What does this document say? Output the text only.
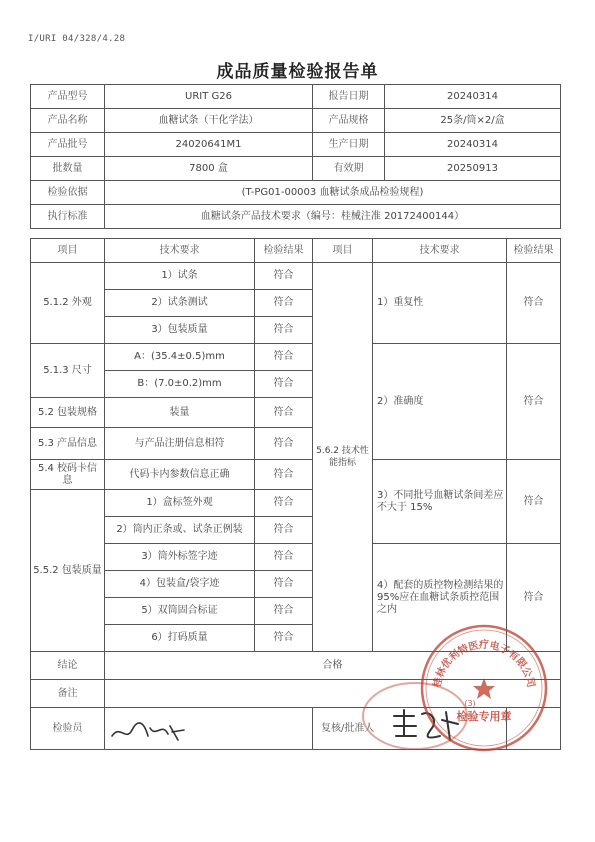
I/URI 04/328/4.28
成品质量检验报告单
产品型号	URIT G26	报告日期	20240314
产品名称	血糖试条（干化学法）	产品规格	25条/筒×2/盒
产品批号	24020641M1	生产日期	20240314
批数量	7800 盒	有效期	20250913
检验依据	(T-PG01-00003 血糖试条成品检验规程)		
执行标准	血糖试条产品技术要求（编号：桂械注准 20172400144）		
项目	技术要求	检验结果	项目	技术要求	检验结果
5.1.2 外观	1）试条	符合	5.6.2 技术性能指标	1）重复性	符合
	2）试条测试	符合			
	3）包装质量	符合			
5.1.3 尺寸	A：(35.4±0.5)mm	符合		2）准确度	符合
	B：(7.0±0.2)mm	符合			
5.2 包装规格	装量	符合			
5.3 产品信息	与产品注册信息相符	符合			
5.4 校码卡信息	代码卡内参数信息正确	符合		3）不同批号血糖试条间差应不大于 15%	符合
5.5.2 包装质量	1）盒标签外观	符合			
	2）筒内正条或、试条正例装	符合			
	3）筒外标签字迹	符合		4）配套的质控物检测结果的 95%应在血糖试条质控范围之内	符合
	4）包装盒/袋字迹	符合			
	5）双筒固合标证	符合			
	6）打码质量	符合			
结论	合格				
备注					
检验员			复核/批准人		
桂林优利特医疗电子有限公司
(3)
检验专用章
